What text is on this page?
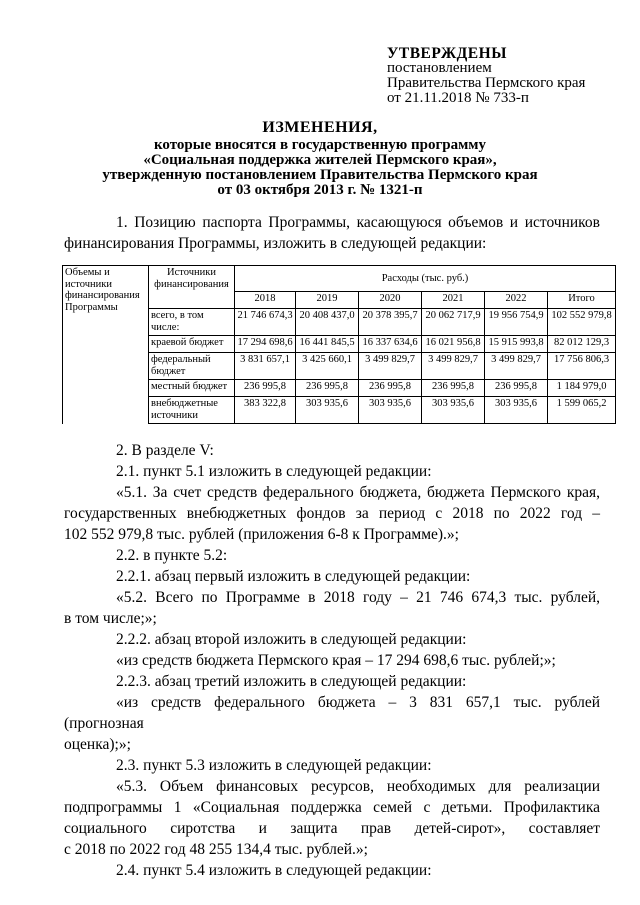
УТВЕРЖДЕНЫ
постановлением
Правительства Пермского края
от 21.11.2018 № 733-п
ИЗМЕНЕНИЯ,
которые вносятся в государственную программу
«Социальная поддержка жителей Пермского края»,
утвержденную постановлением Правительства Пермского края
от 03 октября 2013 г. № 1321-п
1. Позицию паспорта Программы, касающуюся объемов и источников
финансирования Программы, изложить в следующей редакции:
Объемы и источники финансирования Программы	Источники финансирования	Расходы (тыс. руб.)					
		2018	2019	2020	2021	2022	Итого
	всего, в том числе:	21 746 674,3	20 408 437,0	20 378 395,7	20 062 717,9	19 956 754,9	102 552 979,8
	краевой бюджет	17 294 698,6	16 441 845,5	16 337 634,6	16 021 956,8	15 915 993,8	82 012 129,3
	федеральный бюджет	3 831 657,1	3 425 660,1	3 499 829,7	3 499 829,7	3 499 829,7	17 756 806,3
	местный бюджет	236 995,8	236 995,8	236 995,8	236 995,8	236 995,8	1 184 979,0
	внебюджетные источники	383 322,8	303 935,6	303 935,6	303 935,6	303 935,6	1 599 065,2
2. В разделе V:
2.1. пункт 5.1 изложить в следующей редакции:
«5.1. За счет средств федерального бюджета, бюджета Пермского края,
государственных внебюджетных фондов за период с 2018 по 2022 год –
102 552 979,8 тыс. рублей (приложения 6-8 к Программе).»;
2.2. в пункте 5.2:
2.2.1. абзац первый изложить в следующей редакции:
«5.2. Всего по Программе в 2018 году – 21 746 674,3 тыс. рублей,
в том числе;»;
2.2.2. абзац второй изложить в следующей редакции:
«из средств бюджета Пермского края – 17 294 698,6 тыс. рублей;»;
2.2.3. абзац третий изложить в следующей редакции:
«из средств федерального бюджета – 3 831 657,1 тыс. рублей (прогнозная
оценка);»;
2.3. пункт 5.3 изложить в следующей редакции:
«5.3. Объем финансовых ресурсов, необходимых для реализации
подпрограммы 1 «Социальная поддержка семей с детьми. Профилактика
социального сиротства и защита прав детей-сирот», составляет
с 2018 по 2022 год 48 255 134,4 тыс. рублей.»;
2.4. пункт 5.4 изложить в следующей редакции:
